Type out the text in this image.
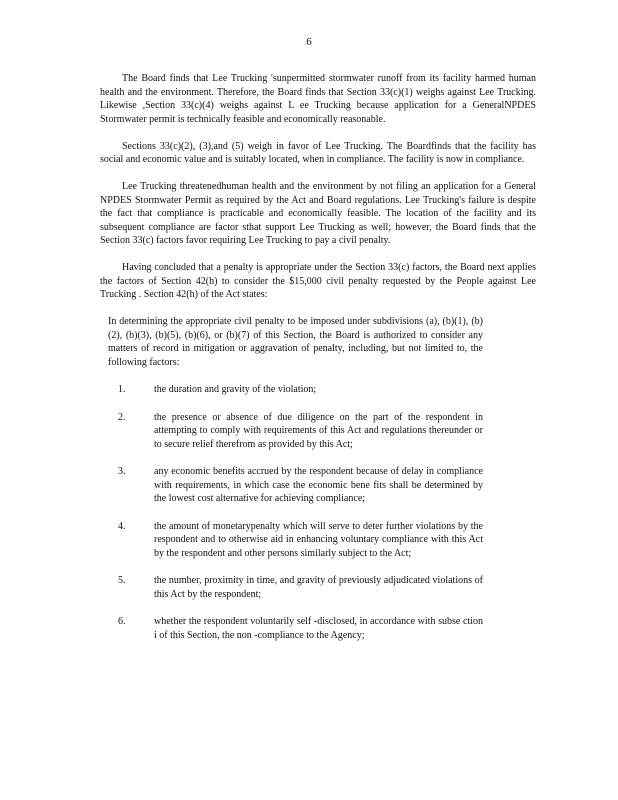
6

The Board finds that Lee Trucking 'sunpermitted stormwater runoff from its facility harmed human health and the environment. Therefore, the Board finds that Section 33(c)(1) weighs against Lee Trucking. Likewise ,Section 33(c)(4) weighs against L ee Trucking because application for a GeneralNPDES Stormwater permit is technically feasible and economically reasonable.

Sections 33(c)(2), (3),and (5) weigh in favor of Lee Trucking. The Boardfinds that the facility has social and economic value and is suitably located, when in compliance. The facility is now in compliance.

Lee Trucking threatenedhuman health and the environment by not filing an application for a General NPDES Stormwater Permit as required by the Act and Board regulations. Lee Trucking's failure is despite the fact that compliance is practicable and economically feasible. The location of the facility and its subsequent compliance are factor sthat support Lee Trucking as well; however, the Board finds that the Section 33(c) factors favor requiring Lee Trucking to pay a civil penalty.

Having concluded that a penalty is appropriate under the Section 33(c) factors, the Board next applies the factors of Section 42(h) to consider the $15,000 civil penalty requested by the People against Lee Trucking . Section 42(h) of the Act states:

In determining the appropriate civil penalty to be imposed under subdivisions (a), (b)(1), (b)(2), (b)(3), (b)(5), (b)(6), or (b)(7) of this Section, the Board is authorized to consider any matters of record in mitigation or aggravation of penalty, including, but not limited to, the following factors:

1.	the duration and gravity of the violation;
2.	the presence or absence of due diligence on the part of the respondent in attempting to comply with requirements of this Act and regulations thereunder or to secure relief therefrom as provided by this Act;
3.	any economic benefits accrued by the respondent because of delay in compliance with requirements, in which case the economic bene fits shall be determined by the lowest cost alternative for achieving compliance;
4.	the amount of monetarypenalty which will serve to deter further violations by the respondent and to otherwise aid in enhancing voluntary compliance with this Act by the respondent and other persons similarly subject to the Act;
5.	the number, proximity in time, and gravity of previously adjudicated violations of this Act by the respondent;
6.	whether the respondent voluntarily self -disclosed, in accordance with subse ction i of this Section, the non -compliance to the Agency;
